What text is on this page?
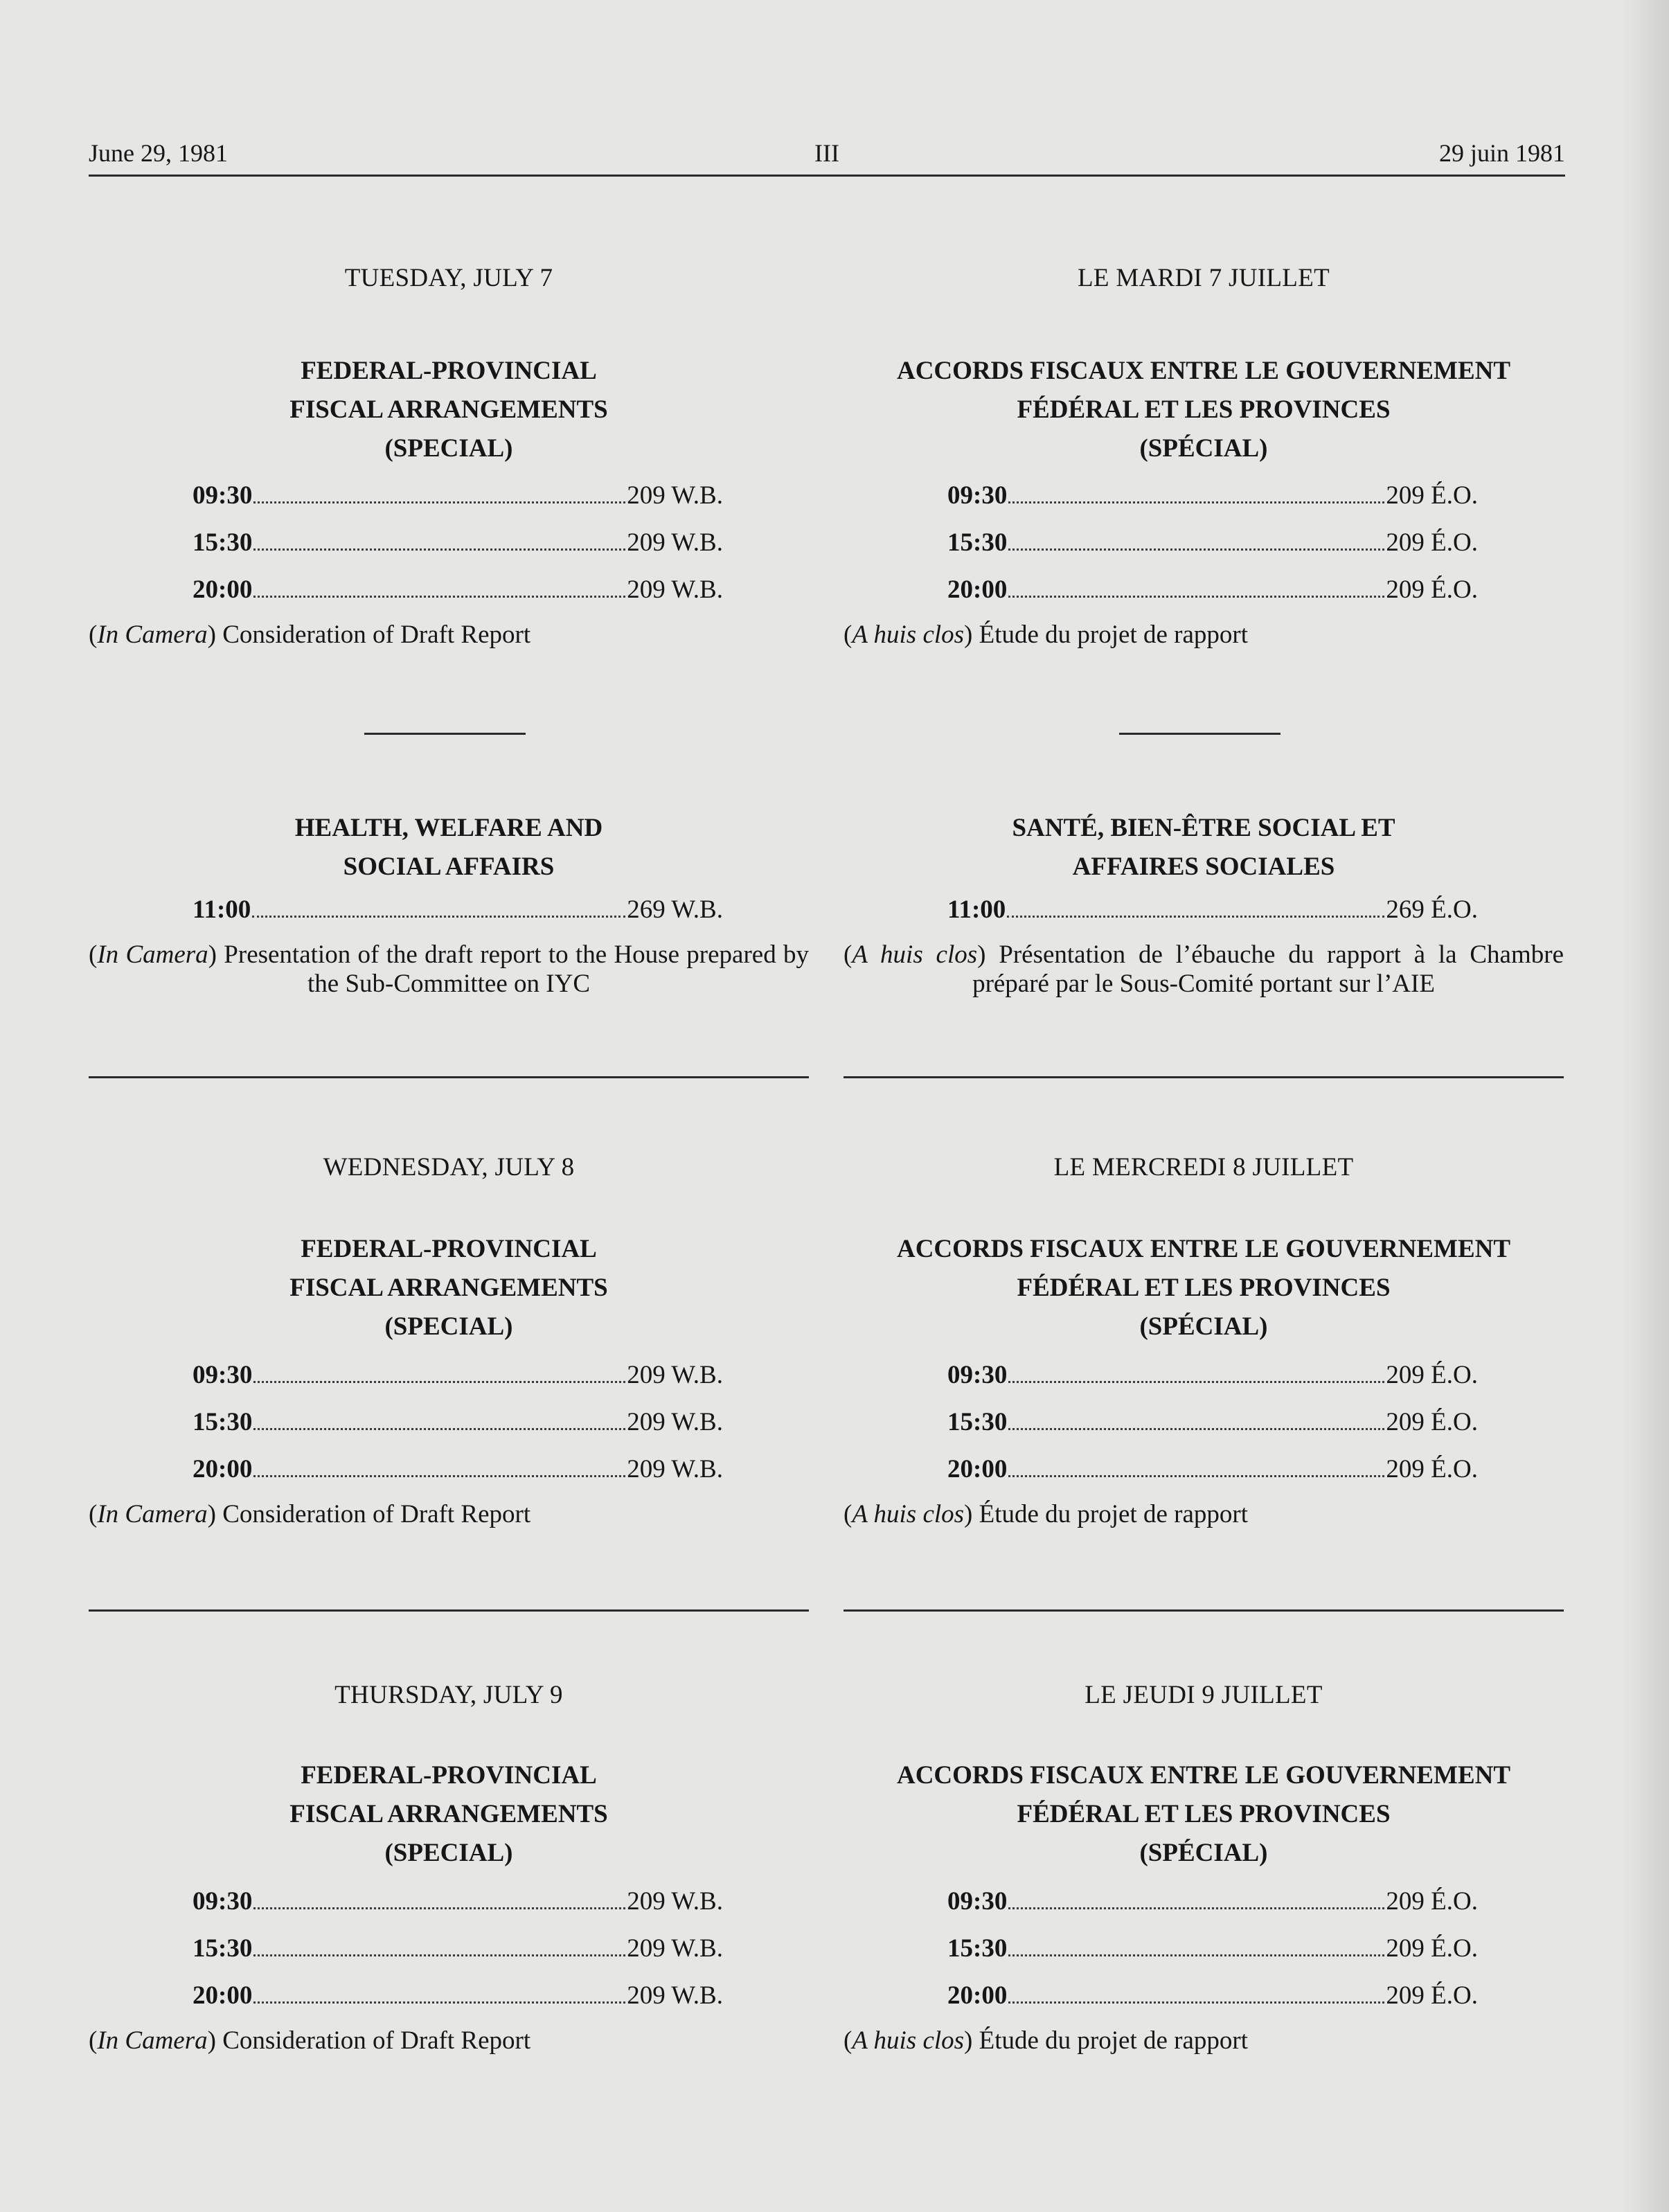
June 29, 1981	III	29 juin 1981
TUESDAY, JULY 7
FEDERAL-PROVINCIAL
FISCAL ARRANGEMENTS
(SPECIAL)
09:30	209 W.B.
15:30	209 W.B.
20:00	209 W.B.
(In Camera) Consideration of Draft Report
HEALTH, WELFARE AND
SOCIAL AFFAIRS
11:00	269 W.B.
(In Camera) Presentation of the draft report to the House prepared by the Sub-Committee on IYC
WEDNESDAY, JULY 8
FEDERAL-PROVINCIAL
FISCAL ARRANGEMENTS
(SPECIAL)
09:30	209 W.B.
15:30	209 W.B.
20:00	209 W.B.
(In Camera) Consideration of Draft Report
THURSDAY, JULY 9
FEDERAL-PROVINCIAL
FISCAL ARRANGEMENTS
(SPECIAL)
09:30	209 W.B.
15:30	209 W.B.
20:00	209 W.B.
(In Camera) Consideration of Draft Report
LE MARDI 7 JUILLET
ACCORDS FISCAUX ENTRE LE GOUVERNEMENT
FÉDÉRAL ET LES PROVINCES
(SPÉCIAL)
09:30	209 É.O.
15:30	209 É.O.
20:00	209 É.O.
(A huis clos) Étude du projet de rapport
SANTÉ, BIEN-ÊTRE SOCIAL ET
AFFAIRES SOCIALES
11:00	269 É.O.
(A huis clos) Présentation de l’ébauche du rapport à la Chambre préparé par le Sous-Comité portant sur l’AIE
LE MERCREDI 8 JUILLET
ACCORDS FISCAUX ENTRE LE GOUVERNEMENT
FÉDÉRAL ET LES PROVINCES
(SPÉCIAL)
09:30	209 É.O.
15:30	209 É.O.
20:00	209 É.O.
(A huis clos) Étude du projet de rapport
LE JEUDI 9 JUILLET
ACCORDS FISCAUX ENTRE LE GOUVERNEMENT
FÉDÉRAL ET LES PROVINCES
(SPÉCIAL)
09:30	209 É.O.
15:30	209 É.O.
20:00	209 É.O.
(A huis clos) Étude du projet de rapport
